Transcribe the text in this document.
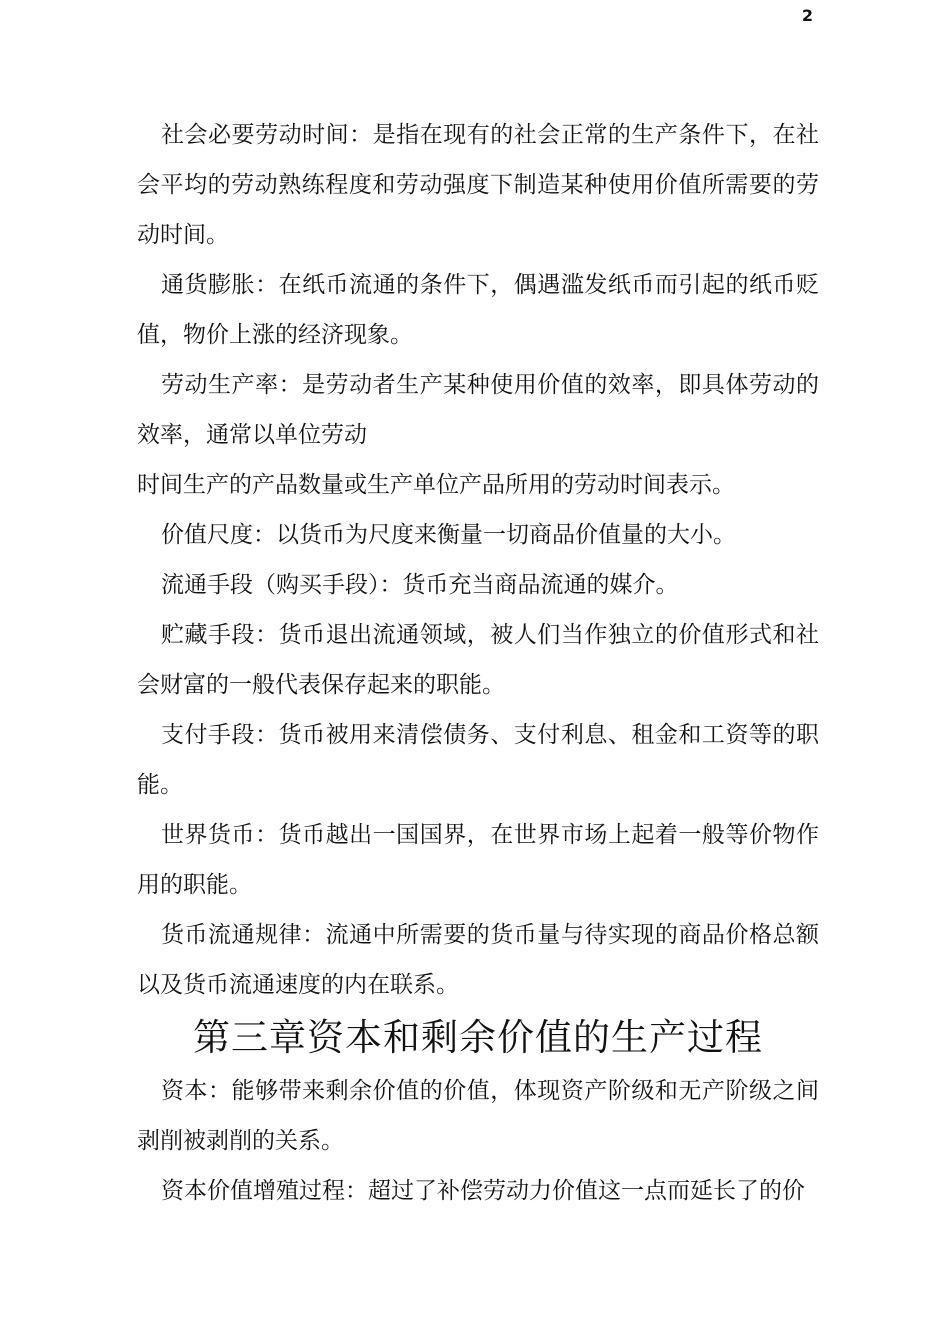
2

社会必要劳动时间：是指在现有的社会正常的生产条件下，在社会平均的劳动熟练程度和劳动强度下制造某种使用价值所需要的劳动时间。

通货膨胀：在纸币流通的条件下，偶遇滥发纸币而引起的纸币贬值，物价上涨的经济现象。

劳动生产率：是劳动者生产某种使用价值的效率，即具体劳动的效率，通常以单位劳动

时间生产的产品数量或生产单位产品所用的劳动时间表示。

价值尺度：以货币为尺度来衡量一切商品价值量的大小。

流通手段（购买手段）：货币充当商品流通的媒介。

贮藏手段：货币退出流通领域，被人们当作独立的价值形式和社会财富的一般代表保存起来的职能。

支付手段：货币被用来清偿债务、支付利息、租金和工资等的职能。

世界货币：货币越出一国国界，在世界市场上起着一般等价物作用的职能。

货币流通规律：流通中所需要的货币量与待实现的商品价格总额以及货币流通速度的内在联系。

第三章资本和剩余价值的生产过程

资本：能够带来剩余价值的价值，体现资产阶级和无产阶级之间剥削被剥削的关系。

资本价值增殖过程：超过了补偿劳动力价值这一点而延长了的价
